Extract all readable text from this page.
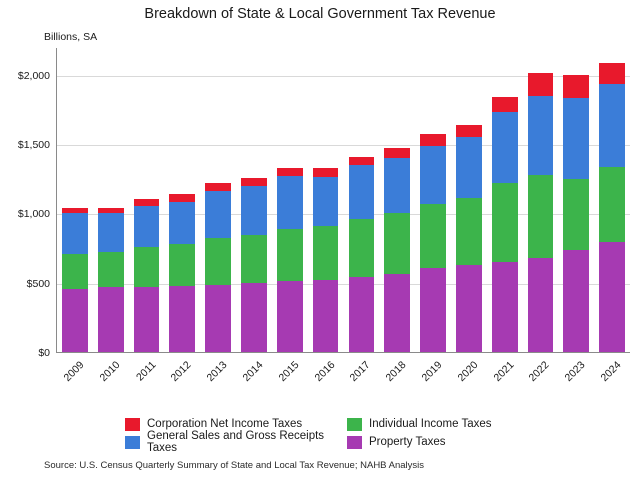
Breakdown of State & Local Government Tax Revenue
Billions, SA
$0
$500
$1,000
$1,500
$2,000
2009	2010	2011	2012	2013	2014	2015	2016	2017	2018	2019	2020	2021	2022	2023	2024
Corporation Net Income Taxes	Individual Income Taxes
General Sales and Gross Receipts Taxes	Property Taxes
Source: U.S. Census Quarterly Summary of State and Local Tax Revenue; NAHB Analysis
